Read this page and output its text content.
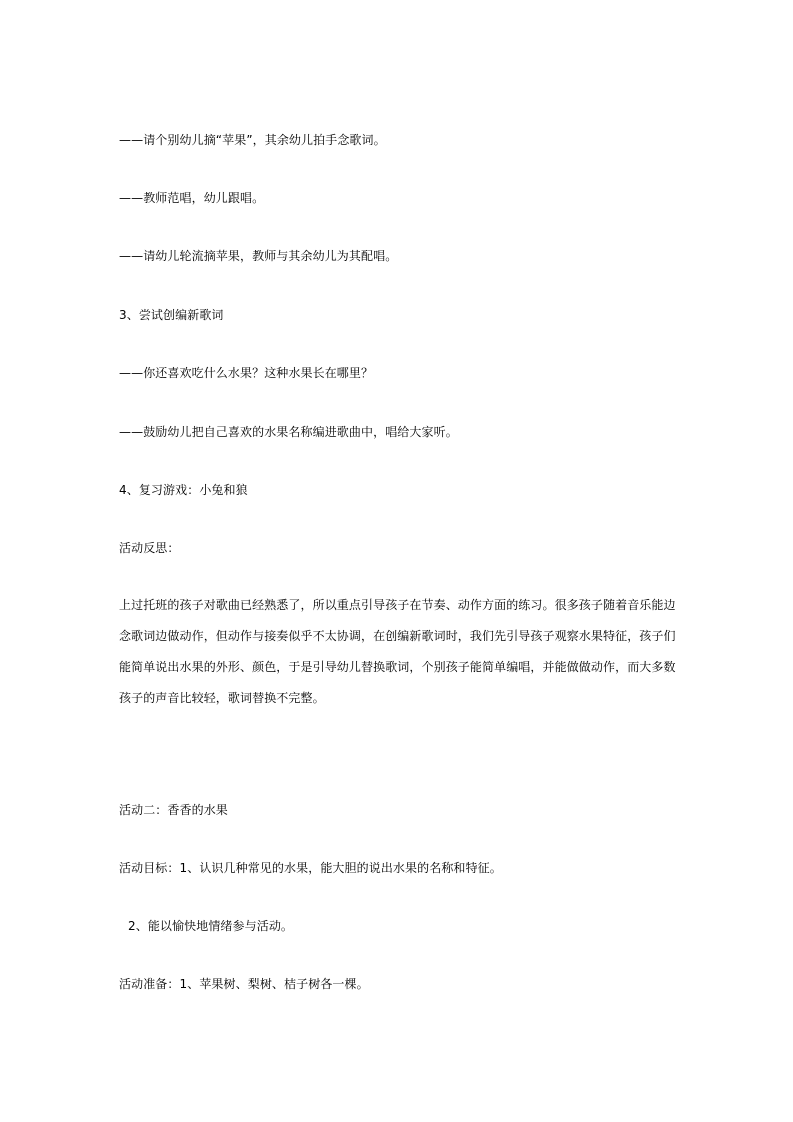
——请个别幼儿摘“苹果”，其余幼儿拍手念歌词。
——教师范唱，幼儿跟唱。
——请幼儿轮流摘苹果，教师与其余幼儿为其配唱。
3、尝试创编新歌词
——你还喜欢吃什么水果？这种水果长在哪里？
——鼓励幼儿把自己喜欢的水果名称编进歌曲中，唱给大家听。
4、复习游戏：小兔和狼
活动反思：
上过托班的孩子对歌曲已经熟悉了，所以重点引导孩子在节奏、动作方面的练习。很多孩子随着音乐能边
念歌词边做动作，但动作与接奏似乎不太协调，在创编新歌词时，我们先引导孩子观察水果特征，孩子们
能简单说出水果的外形、颜色，于是引导幼儿替换歌词，个别孩子能简单编唱，并能做做动作，而大多数
孩子的声音比较轻，歌词替换不完整。
活动二：香香的水果
活动目标：1、认识几种常见的水果，能大胆的说出水果的名称和特征。
2、能以愉快地情绪参与活动。
活动准备：1、苹果树、梨树、桔子树各一棵。
